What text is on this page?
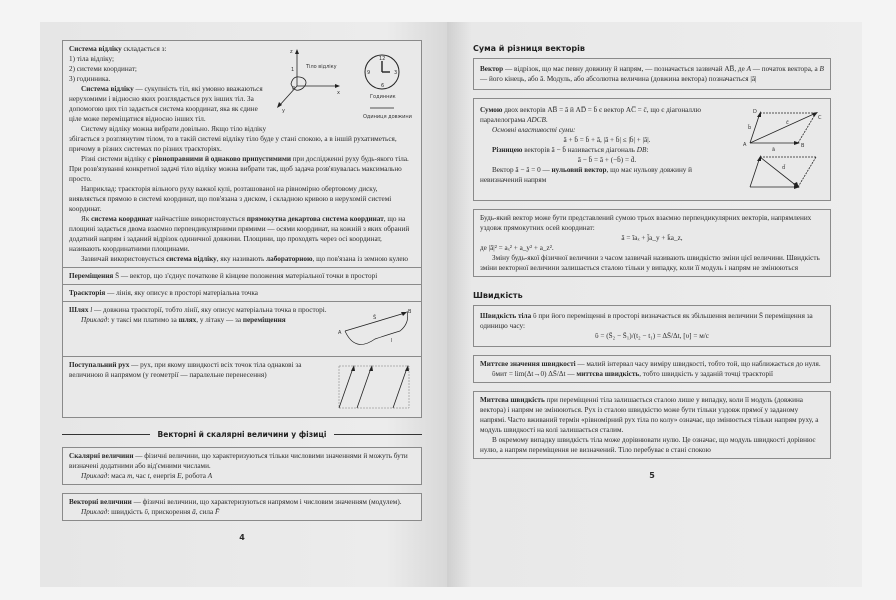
z
x
y
0
1 Тіло відліку
12
3
6
9
Годинник
Одиниця довжини

Система відліку складається з:

1) тіла відліку;

2) системи координат;

3) годинника.

Система відліку — сукупність тіл, які умовно вважаються нерухомими і відносно яких розглядається рух інших тіл. За допомогою цих тіл задається система координат, яка як єдине ціле може переміщатися відносно інших тіл.

Систему відліку можна вибрати довільно. Якщо тіло відліку збігається з розглянутим тілом, то в такій системі відліку тіло буде у стані спокою, а в іншій рухатиметься, причому в різних системах по різних траєкторіях.

Різні системи відліку є рівноправними й однаково припустимими при дослідженні руху будь-якого тіла. При розв'язуванні конкретної задачі тіло відліку можна вибрати так, щоб задача розв'язувалась максимально просто.

Наприклад: траєкторія вільного руху важкої кулі, розташованої на рівномірно обертовому диску, виявляється прямою в системі координат, що пов'язана з диском, і складною кривою в нерухомій системі координат.

Як система координат найчастіше використовується прямокутна декартова система координат, що на площині задається двома взаємно перпендикулярними прямими — осями координат, на кожній з яких обраний додатний напрям і заданий відрізок одиничної довжини. Площини, що проходять через осі координат, називають координатними площинами.

Зазвичай використовується система відліку, яку називають лабораторною, що пов'язана із земною кулею

Переміщення S̄ — вектор, що з'єднує початкове й кінцеве положення матеріальної точки в просторі

Траєкторія — лінія, яку описує в просторі матеріальна точка

A
B
S̄
l

Шлях l — довжина траєкторії, тобто лінії, яку описує матеріальна точка в просторі.

Приклад: у таксі ми платимо за шлях, у літаку — за переміщення

Поступальний рух — рух, при якому швидкості всіх точок тіла однакові за величиною й напрямом (у геометрії — паралельне перенесення)

Векторні й скалярні величини у фізиці

Скалярні величини — фізичні величини, що характеризуються тільки числовими значеннями й можуть бути визначені додатними або від'ємними числами.

Приклад: маса m, час t, енергія E, робота A

Векторні величини — фізичні величини, що характеризуються напрямом і числовим значенням (модулем).

Приклад: швидкість ῡ, прискорення ā, сила F̄

4
Сума й різниця векторів

Вектор — відрізок, що має певну довжину й напрям, — позначається зазвичай AB̅, де A — початок вектора, а B — його кінець, або ā. Модуль, або абсолютна величина (довжина вектора) позначається |ā|

A	B
C
D
ā
b̄
c̄
d̄

Сумою двох векторів AB̅ = ā й AD̅ = b̄ є вектор AC̅ = c̄, що є діагоналлю паралелограма ADCB.

Основні властивості суми:

ā + b̄ = b̄ + ā, |ā + b̄| ≤ |b̄| + |ā|.

Різницею векторів ā − b̄ називається діагональ DB:

ā − b̄ = ā + (−b̄) = d̄.

Вектор ā − ā = 0 — нульовий вектор, що має нульову довжину й невизначений напрям

Будь-який вектор може бути представлений сумою трьох взаємно перпендикулярних векторів, напрямлених уздовж прямокутних осей координат:

ā = īaₓ + j̄a_y + k̄a_z,

де |ā|² = aₓ² + a_y² + a_z².

Зміну будь-якої фізичної величини з часом зазвичай називають швидкістю зміни цієї величини. Швидкість зміни векторної величини залишається сталою тільки у випадку, коли її модуль і напрям не змінюються

Швидкість

Швидкість тіла ῡ при його переміщенні в просторі визначається як збільшення величини S̄ переміщення за одиницю часу:

ῡ = (S̄₂ − S̄₁)/(t₂ − t₁) = ΔS̄/Δt, [υ] = м/с

Миттєве значення швидкості — малий інтервал часу виміру швидкості, тобто той, що наближається до нуля.

ῡмит = lim(Δt→0) ΔS̄/Δt — миттєва швидкість, тобто швидкість у заданій точці траєкторії

Миттєва швидкість при переміщенні тіла залишається сталою лише у випадку, коли її модуль (довжина вектора) і напрям не змінюються. Рух із сталою швидкістю може бути тільки уздовж прямої у заданому напрямі. Часто вживаний термін «рівномірний рух тіла по колу» означає, що змінюється тільки напрям руху, а модуль швидкості на колі залишається сталим.

В окремому випадку швидкість тіла може дорівнювати нулю. Це означає, що модуль швидкості дорівнює нулю, а напрям переміщення не визначений. Тіло перебуває в стані спокою

5
